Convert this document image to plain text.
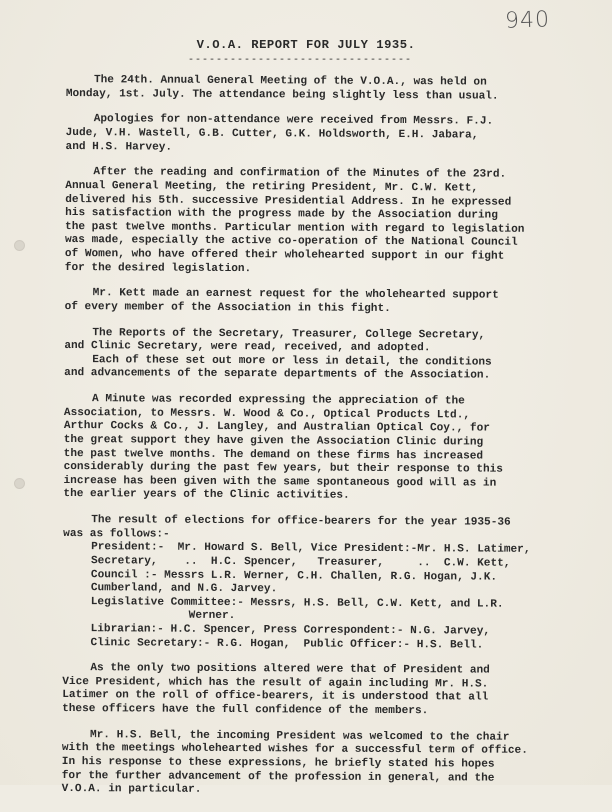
940
V.O.A. REPORT FOR JULY 1935.
--------------------------------
The 24th. Annual General Meeting of the V.O.A., was held on
Monday, 1st. July. The attendance being slightly less than usual.
Apologies for non-attendance were received from Messrs. F.J.
Jude, V.H. Wastell, G.B. Cutter, G.K. Holdsworth, E.H. Jabara,
and H.S. Harvey.
After the reading and confirmation of the Minutes of the 23rd.
Annual General Meeting, the retiring President, Mr. C.W. Kett,
delivered his 5th. successive Presidential Address. In he expressed
his satisfaction with the progress made by the Association during
the past twelve months. Particular mention with regard to legislation
was made, especially the active co-operation of the National Council
of Women, who have offered their wholehearted support in our fight
for the desired legislation.
Mr. Kett made an earnest request for the wholehearted support
of every member of the Association in this fight.
The Reports of the Secretary, Treasurer, College Secretary,
and Clinic Secretary, were read, received, and adopted.
Each of these set out more or less in detail, the conditions
and advancements of the separate departments of the Association.
A Minute was recorded expressing the appreciation of the
Association, to Messrs. W. Wood & Co., Optical Products Ltd.,
Arthur Cocks & Co., J. Langley, and Australian Optical Coy., for
the great support they have given the Association Clinic during
the past twelve months. The demand on these firms has increased
considerably during the past few years, but their response to this
increase has been given with the same spontaneous good will as in
the earlier years of the Clinic activities.
The result of elections for office-bearers for the year 1935-36
was as follows:-
President:-  Mr. Howard S. Bell, Vice President:-Mr. H.S. Latimer,
Secretary,    ..  H.C. Spencer,   Treasurer,     ..  C.W. Kett,
Council :- Messrs L.R. Werner, C.H. Challen, R.G. Hogan, J.K.
Cumberland, and N.G. Jarvey.
Legislative Committee:- Messrs, H.S. Bell, C.W. Kett, and L.R.
Werner.
Librarian:- H.C. Spencer, Press Correspondent:- N.G. Jarvey,
Clinic Secretary:- R.G. Hogan,  Public Officer:- H.S. Bell.
As the only two positions altered were that of President and
Vice President, which has the result of again including Mr. H.S.
Latimer on the roll of office-bearers, it is understood that all
these officers have the full confidence of the members.
Mr. H.S. Bell, the incoming President was welcomed to the chair
with the meetings wholehearted wishes for a successful term of office.
In his response to these expressions, he briefly stated his hopes
for the further advancement of the profession in general, and the
V.O.A. in particular.
